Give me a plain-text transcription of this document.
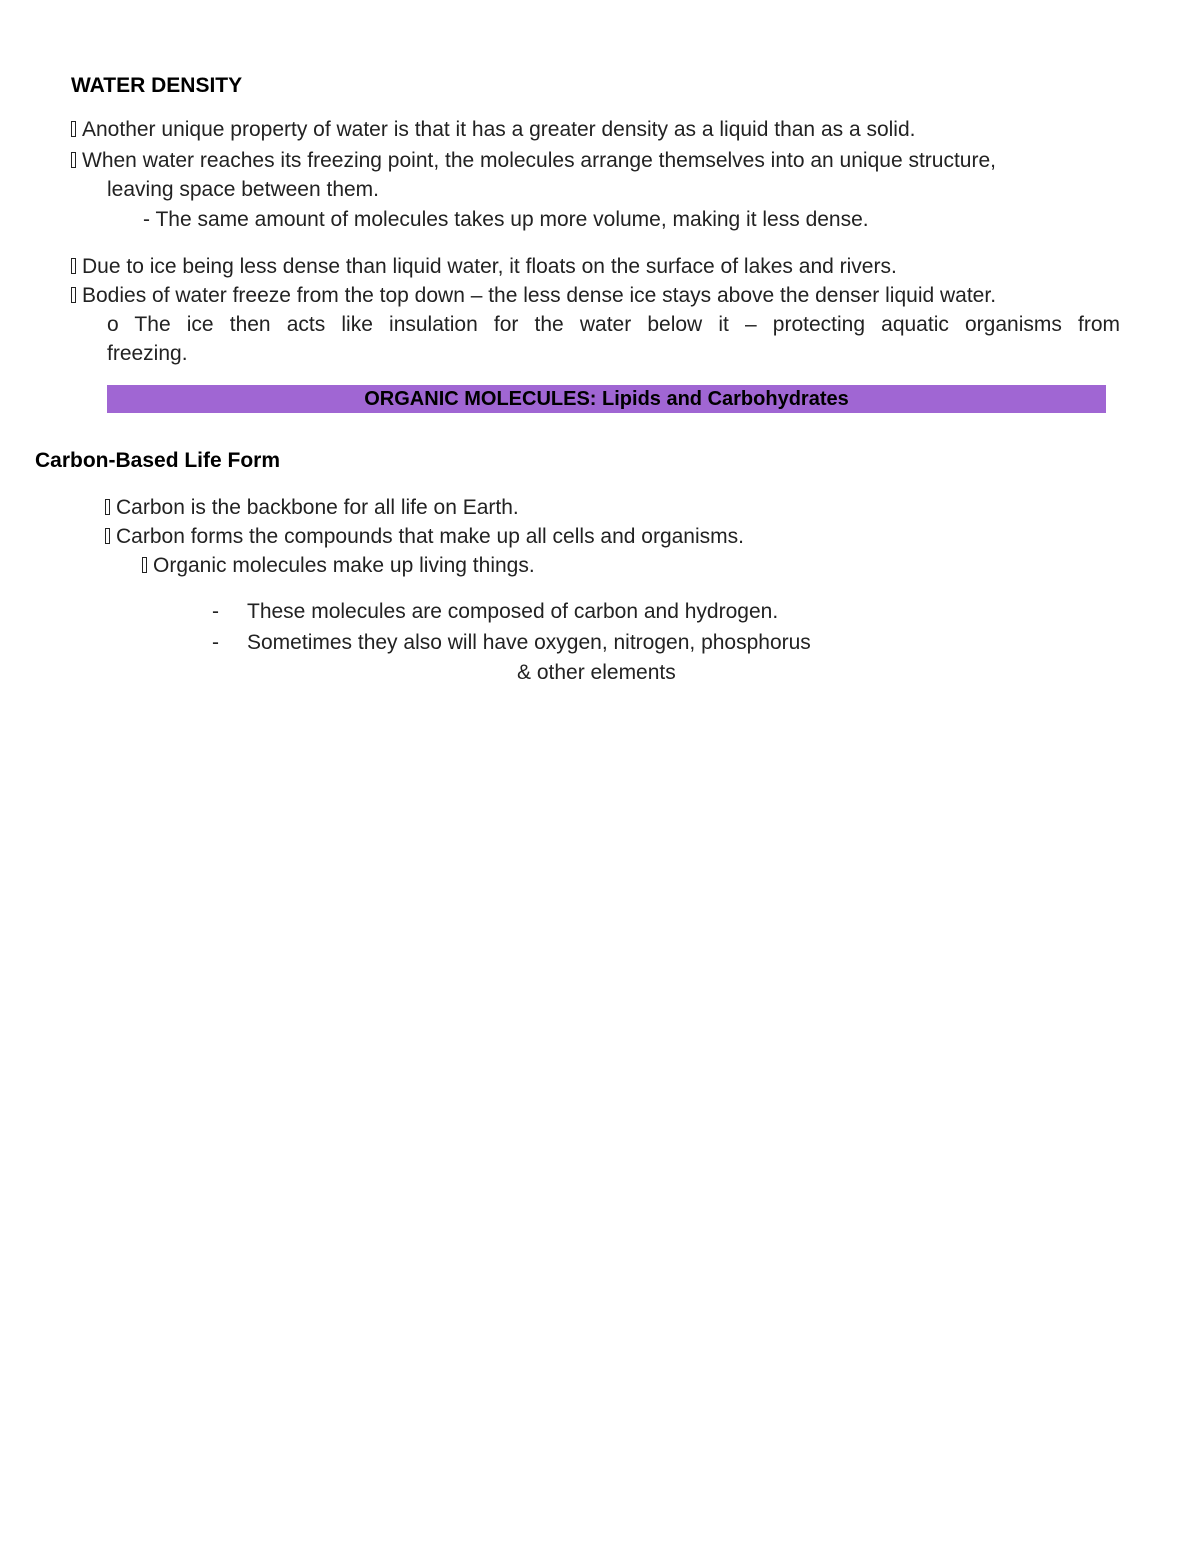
WATER DENSITY
Another unique property of water is that it has a greater density as a liquid than as a solid.
When water reaches its freezing point, the molecules arrange themselves into an unique structure,
leaving space between them.
- The same amount of molecules takes up more volume, making it less dense.
Due to ice being less dense than liquid water, it floats on the surface of lakes and rivers.
Bodies of water freeze from the top down – the less dense ice stays above the denser liquid water.
o The ice then acts like insulation for the water below it – protecting aquatic organisms from
freezing.
ORGANIC MOLECULES: Lipids and Carbohydrates
Carbon-Based Life Form
Carbon is the backbone for all life on Earth.
Carbon forms the compounds that make up all cells and organisms.
Organic molecules make up living things.
- These molecules are composed of carbon and hydrogen.
- Sometimes they also will have oxygen, nitrogen, phosphorus
& other elements
